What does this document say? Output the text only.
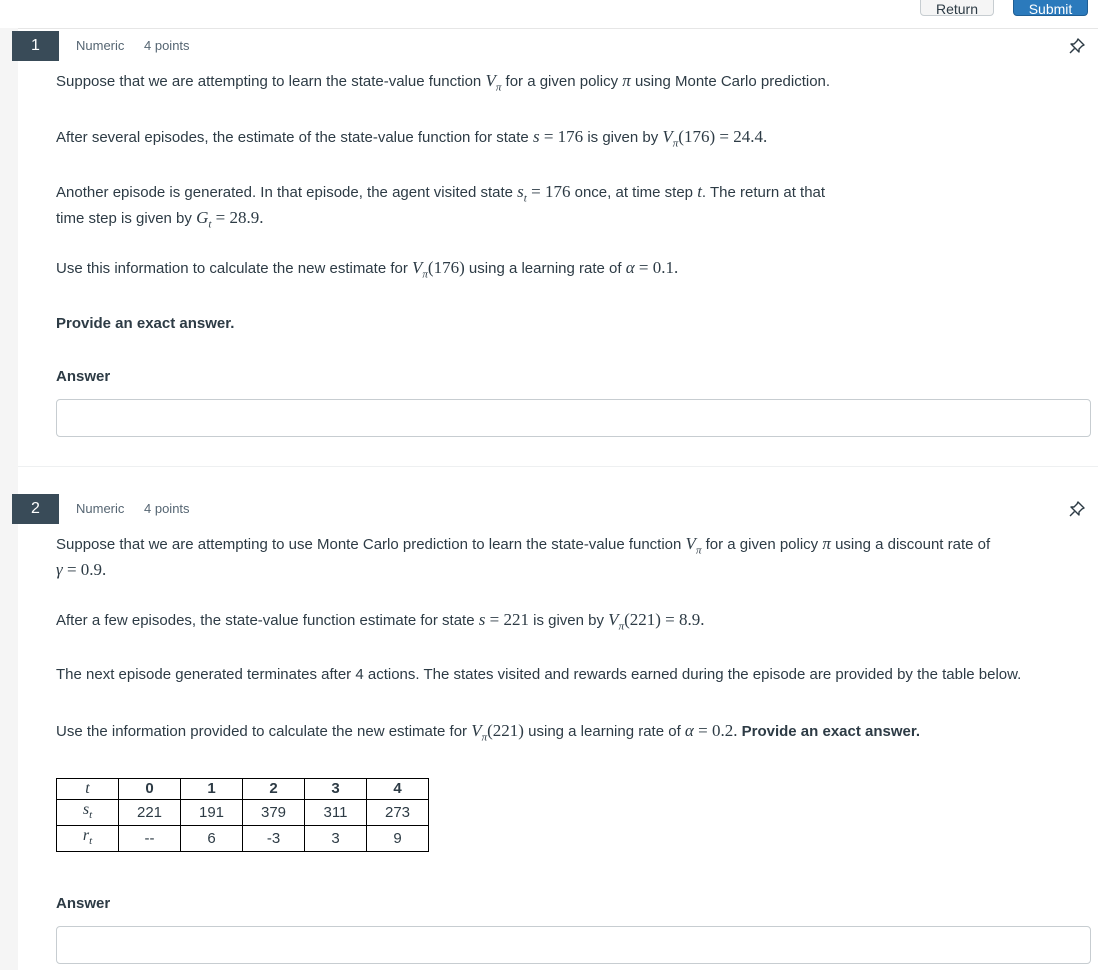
Return	Submit
1	Numeric 4 points
Suppose that we are attempting to learn the state-value function $V_\pi$ for a given policy π using Monte Carlo prediction.
After several episodes, the estimate of the state-value function for state s = 176 is given by $V_\pi(176) = 24.4$.
Another episode is generated. In that episode, the agent visited state $s_t = 176$ once, at time step t. The return at that
time step is given by $G_t = 28.9$.
Use this information to calculate the new estimate for $V_\pi(176)$ using a learning rate of α = 0.1.
Provide an exact answer.
Answer
2	Numeric 4 points
Suppose that we are attempting to use Monte Carlo prediction to learn the state-value function $V_\pi$ for a given policy π using a discount rate of
γ = 0.9.
After a few episodes, the state-value function estimate for state s = 221 is given by $V_\pi(221) = 8.9$.
The next episode generated terminates after 4 actions. The states visited and rewards earned during the episode are provided by the table below.
Use the information provided to calculate the new estimate for $V_\pi(221)$ using a learning rate of α = 0.2. Provide an exact answer.
t	0	1	2	3	4
$s_t$	221	191	379	311	273
$r_t$	--	6	-3	3	9
Answer
